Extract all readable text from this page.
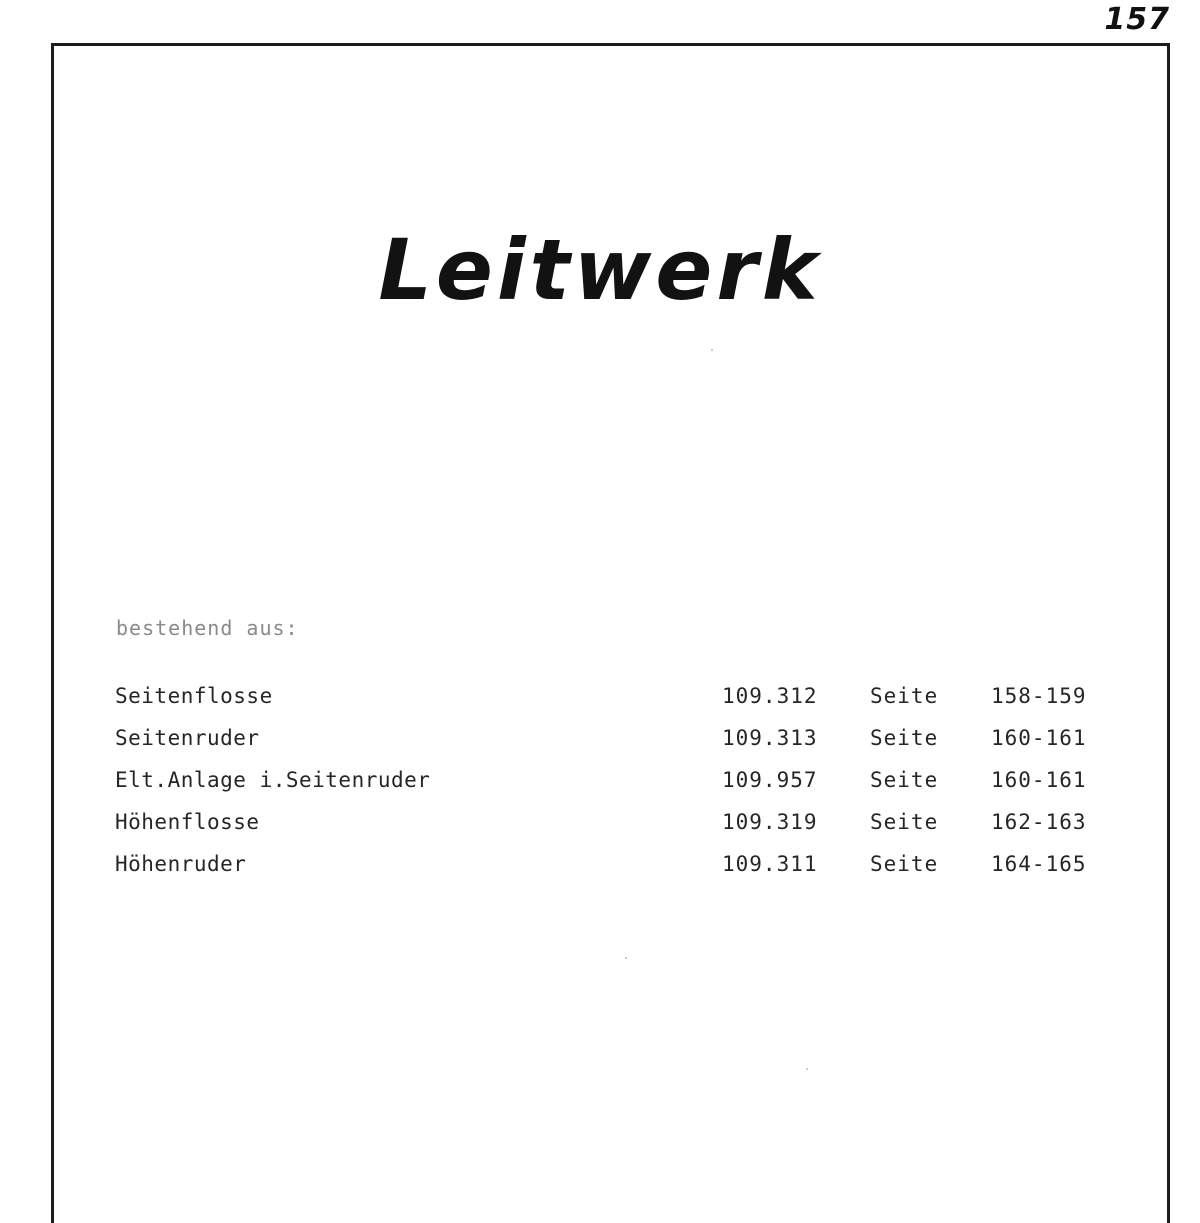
157
Leitwerk
bestehend aus:
Seitenflosse	109.312 Seite	158-159
Seitenruder	109.313 Seite	160-161
Elt.Anlage i.Seitenruder	109.957 Seite	160-161
Höhenflosse	109.319 Seite	162-163
Höhenruder	109.311 Seite	164-165
